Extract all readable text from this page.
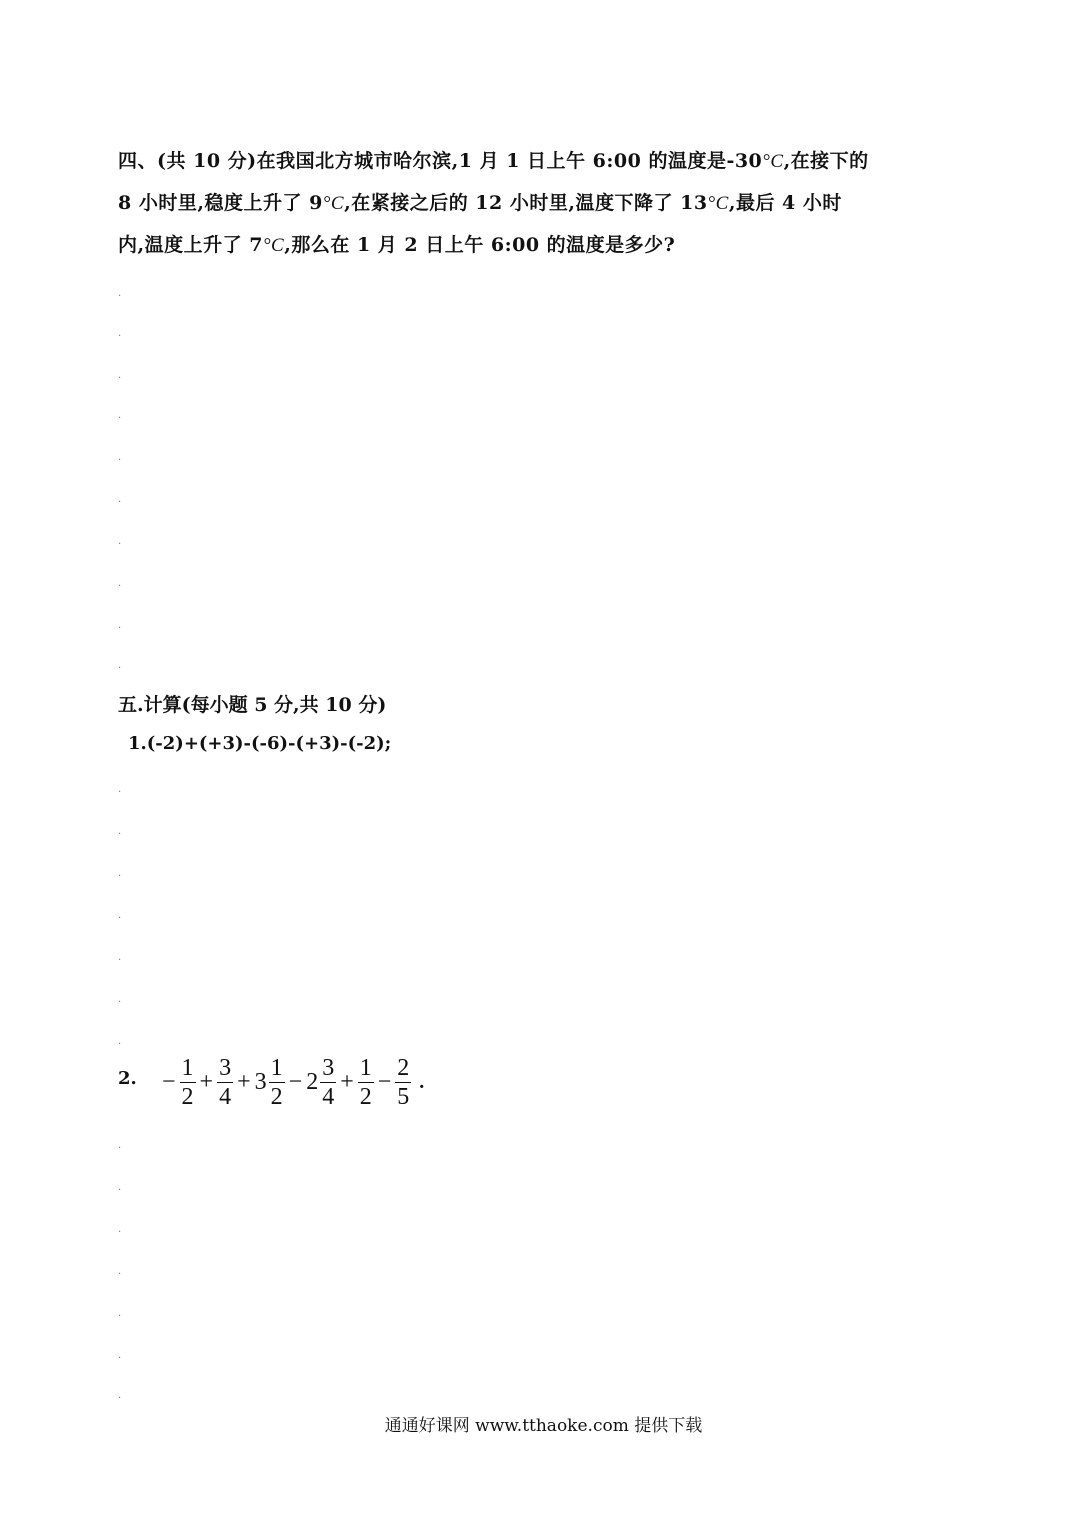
四、(共 10 分)在我国北方城市哈尔滨,1 月 1 日上午 6:00 的温度是-30°C,在接下的
8 小时里,稳度上升了 9°C,在紧接之后的 12 小时里,温度下降了 13°C,最后 4 小时
内,温度上升了 7°C,那么在 1 月 2 日上午 6:00 的温度是多少?
.
.
.
.
.
.
.
.
.
.
五.计算(每小题 5 分,共 10 分)
1.(-2)+(+3)-(-6)-(+3)-(-2);
.
.
.
.
.
.
.
2. − $\frac{1}{2} + \frac{3}{4} + 3 \frac{1}{2} - 2 \frac{3}{4} + \frac{1}{2} - \frac{2}{5}$ .
.
.
.
.
.
.
.
通通好课网 www.tthaoke.com 提供下载
